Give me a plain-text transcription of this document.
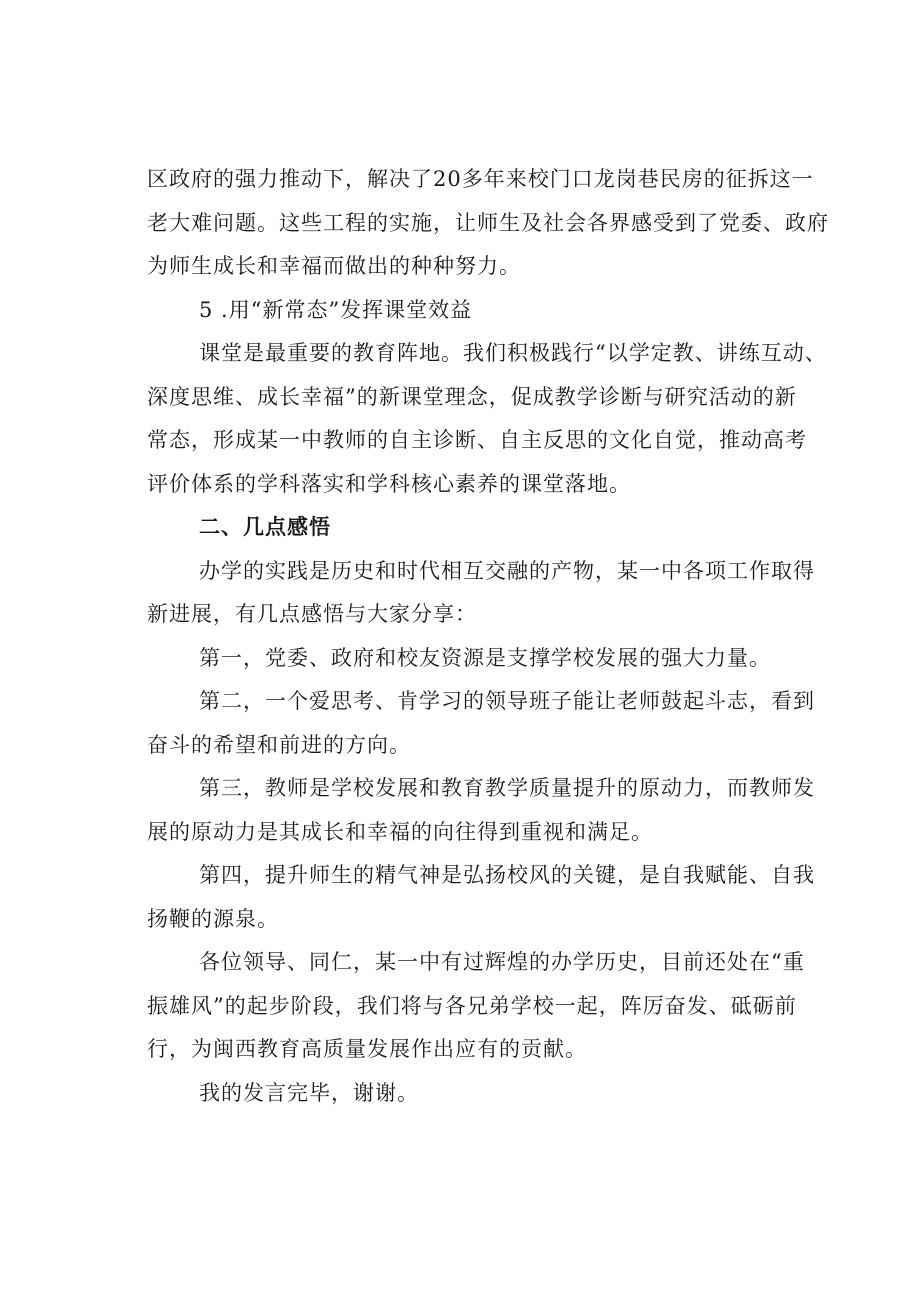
区政府的强力推动下，解决了20多年来校门口龙岗巷民房的征拆这一
老大难问题。这些工程的实施，让师生及社会各界感受到了党委、政府
为师生成长和幸福而做出的种种努力。
5 .用“新常态”发挥课堂效益
课堂是最重要的教育阵地。我们积极践行“以学定教、讲练互动、
深度思维、成长幸福”的新课堂理念，促成教学诊断与研究活动的新
常态，形成某一中教师的自主诊断、自主反思的文化自觉，推动高考
评价体系的学科落实和学科核心素养的课堂落地。
二、几点感悟
办学的实践是历史和时代相互交融的产物，某一中各项工作取得
新进展，有几点感悟与大家分享：
第一，党委、政府和校友资源是支撑学校发展的强大力量。
第二，一个爱思考、肯学习的领导班子能让老师鼓起斗志，看到
奋斗的希望和前进的方向。
第三，教师是学校发展和教育教学质量提升的原动力，而教师发
展的原动力是其成长和幸福的向往得到重视和满足。
第四，提升师生的精气神是弘扬校风的关键，是自我赋能、自我
扬鞭的源泉。
各位领导、同仁，某一中有过辉煌的办学历史，目前还处在“重
振雄风”的起步阶段，我们将与各兄弟学校一起，阵厉奋发、砥砺前
行，为闽西教育高质量发展作出应有的贡献。
我的发言完毕，谢谢。
